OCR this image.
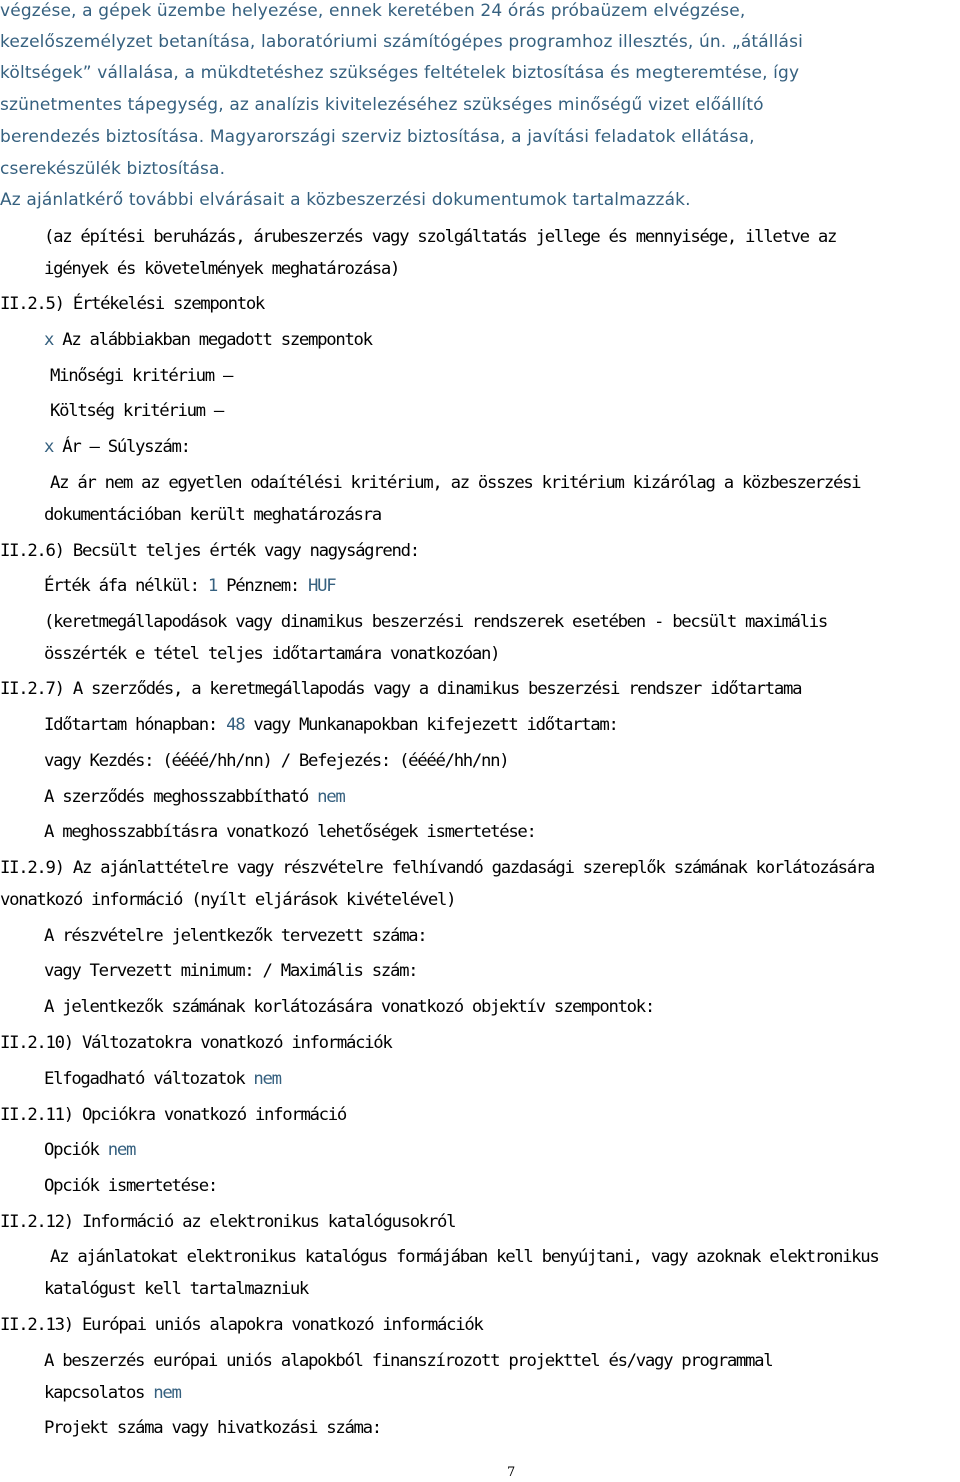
végzése, a gépek üzembe helyezése, ennek keretében 24 órás próbaüzem elvégzése,
kezelőszemélyzet betanítása, laboratóriumi számítógépes programhoz illesztés, ún. „átállási
költségek” vállalása, a mükdtetéshez szükséges feltételek biztosítása és megteremtése, így
szünetmentes tápegység, az analízis kivitelezéséhez szükséges minőségű vizet előállító
berendezés biztosítása. Magyarországi szerviz biztosítása, a javítási feladatok ellátása,
cserekészülék biztosítása.
Az ajánlatkérő további elvárásait a közbeszerzési dokumentumok tartalmazzák.
(az építési beruházás, árubeszerzés vagy szolgáltatás jellege és mennyisége, illetve az
igények és követelmények meghatározása)
II.2.5) Értékelési szempontok
x Az alábbiakban megadott szempontok
Minőségi kritérium –
Költség kritérium –
x Ár – Súlyszám:
Az ár nem az egyetlen odaítélési kritérium, az összes kritérium kizárólag a közbeszerzési
dokumentációban került meghatározásra
II.2.6) Becsült teljes érték vagy nagyságrend:
Érték áfa nélkül: 1 Pénznem: HUF
(keretmegállapodások vagy dinamikus beszerzési rendszerek esetében - becsült maximális
összérték e tétel teljes időtartamára vonatkozóan)
II.2.7) A szerződés, a keretmegállapodás vagy a dinamikus beszerzési rendszer időtartama
Időtartam hónapban: 48 vagy Munkanapokban kifejezett időtartam:
vagy Kezdés: (éééé/hh/nn) / Befejezés: (éééé/hh/nn)
A szerződés meghosszabbítható nem
A meghosszabbításra vonatkozó lehetőségek ismertetése:
II.2.9) Az ajánlattételre vagy részvételre felhívandó gazdasági szereplők számának korlátozására
vonatkozó információ (nyílt eljárások kivételével)
A részvételre jelentkezők tervezett száma:
vagy Tervezett minimum: / Maximális szám:
A jelentkezők számának korlátozására vonatkozó objektív szempontok:
II.2.10) Változatokra vonatkozó információk
Elfogadható változatok nem
II.2.11) Opciókra vonatkozó információ
Opciók nem
Opciók ismertetése:
II.2.12) Információ az elektronikus katalógusokról
Az ajánlatokat elektronikus katalógus formájában kell benyújtani, vagy azoknak elektronikus
katalógust kell tartalmazniuk
II.2.13) Európai uniós alapokra vonatkozó információk
A beszerzés európai uniós alapokból finanszírozott projekttel és/vagy programmal
kapcsolatos nem
Projekt száma vagy hivatkozási száma:
7
